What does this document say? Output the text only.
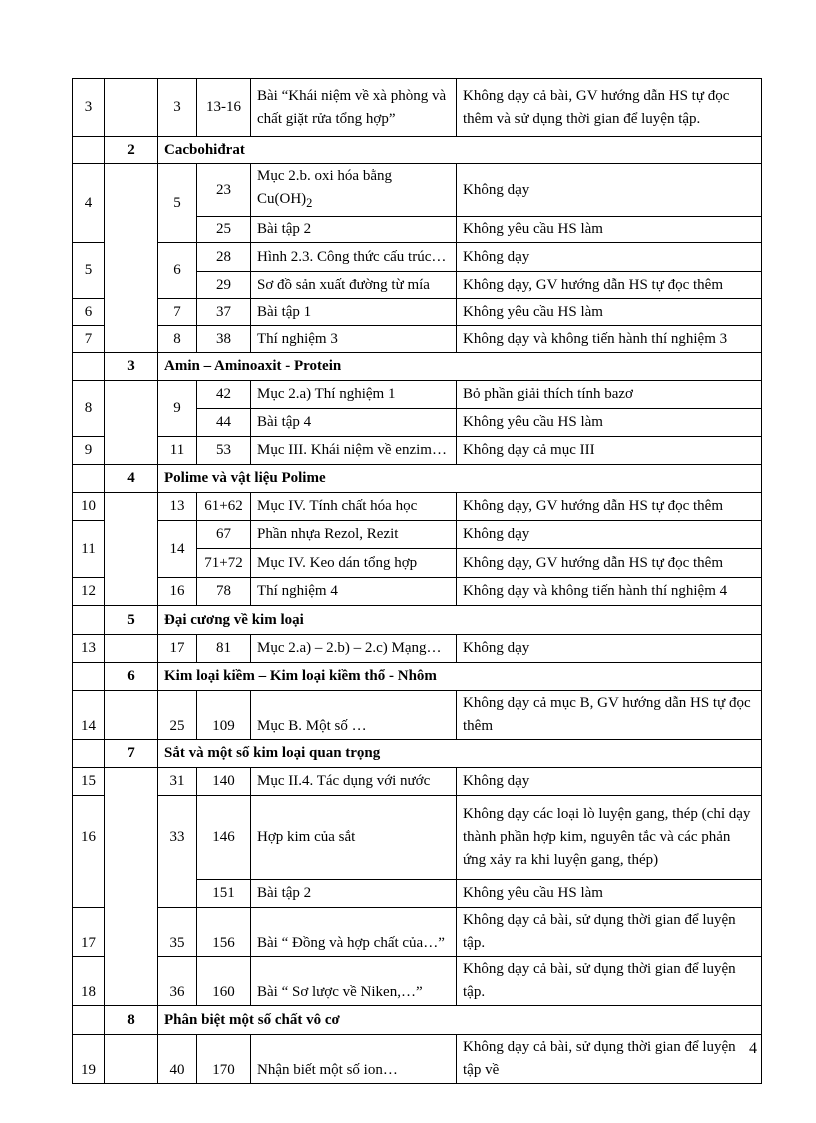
3		3	13-16	Bài “Khái niệm về xà phòng và chất giặt rửa tổng hợp”	Không dạy cả bài, GV hướng dẫn HS tự đọc thêm và sử dụng thời gian để luyện tập.
	2	Cacbohiđrat			
4		5	23	Mục 2.b. oxi hóa bằng $Cu(OH)_2$	Không dạy
			25	Bài tập 2	Không yêu cầu HS làm
5		6	28	Hình 2.3. Công thức cấu trúc…	Không dạy
			29	Sơ đồ sản xuất đường từ mía	Không dạy, GV hướng dẫn HS tự đọc thêm
6		7	37	Bài tập 1	Không yêu cầu HS làm
7		8	38	Thí nghiệm 3	Không dạy và không tiến hành thí nghiệm 3
	3	Amin – Aminoaxit - Protein			
8		9	42	Mục 2.a) Thí nghiệm 1	Bỏ phần giải thích tính bazơ
			44	Bài tập 4	Không yêu cầu HS làm
9		11	53	Mục III. Khái niệm về enzim…	Không dạy cả mục III
	4	Polime và vật liệu Polime			
10		13	61+62	Mục IV. Tính chất hóa học	Không dạy, GV hướng dẫn HS tự đọc thêm
11		14	67	Phần nhựa Rezol, Rezit	Không dạy
			71+72	Mục IV. Keo dán tổng hợp	Không dạy, GV hướng dẫn HS tự đọc thêm
12		16	78	Thí nghiệm 4	Không dạy và không tiến hành thí nghiệm 4
	5	Đại cương về kim loại			
13		17	81	Mục 2.a) – 2.b) – 2.c) Mạng…	Không dạy
	6	Kim loại kiềm – Kim loại kiềm thổ - Nhôm			
14		25	109	Mục B. Một số …	Không dạy cả mục B, GV hướng dẫn HS tự đọc thêm
	7	Sắt và một số kim loại quan trọng			
15		31	140	Mục II.4. Tác dụng với nước	Không dạy
16		33	146	Hợp kim của sắt	Không dạy các loại lò luyện gang, thép (chỉ dạy thành phần hợp kim, nguyên tắc và các phản ứng xảy ra khi luyện gang, thép)
			151	Bài tập 2	Không yêu cầu HS làm
17		35	156	Bài “ Đồng và hợp chất của…”	Không dạy cả bài, sử dụng thời gian để luyện tập.
18		36	160	Bài “ Sơ lược về Niken,…”	Không dạy cả bài, sử dụng thời gian để luyện tập.
	8	Phân biệt một số chất vô cơ			
19		40	170	Nhận biết một số ion…	Không dạy cả bài, sử dụng thời gian để luyện tập về
4
